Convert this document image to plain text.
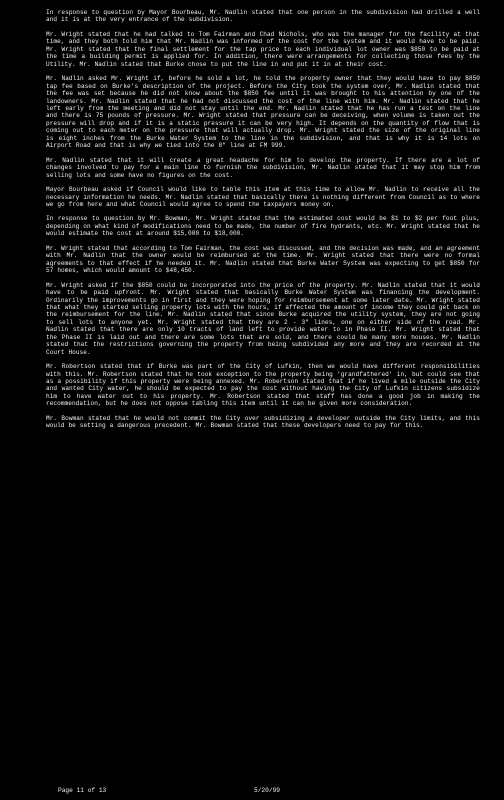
In response to question by Mayor Bourbeau, Mr. Nadlin stated that one person in the subdivision had drilled a well and it is at the very entrance of the subdivision.

Mr. Wright stated that he had talked to Tom Fairman and Chad Nichols, who was the manager for the facility at that time, and they both told him that Mr. Nadlin was informed of the cost for the system and it would have to be paid. Mr. Wright stated that the final settlement for the tap price to each individual lot owner was $850 to be paid at the time a building permit is applied for. In addition, there were arrangements for collecting those fees by the Utility. Mr. Nadlin stated that Burke chose to put the line in and put it in at their cost.

Mr. Nadlin asked Mr. Wright if, before he sold a lot, he told the property owner that they would have to pay $850 tap fee based on Burke's description of the project. Before the City took the system over, Mr. Nadlin stated that the fee was set because he did not know about the $850 fee until it was brought to his attention by one of the landowners. Mr. Nadlin stated that he had not discussed the cost of the line with him. Mr. Nadlin stated that he left early from the meeting and did not stay until the end. Mr. Nadlin stated that he has run a test on the line and there is 75 pounds of pressure. Mr. Wright stated that pressure can be deceiving, when volume is taken out the pressure will drop and if it is a static pressure it can be very high. It depends on the quantity of flow that is coming out to each meter on the pressure that will actually drop. Mr. Wright stated the size of the original line is eight inches from the Burke Water System to the line in the subdivision, and that is why it is 14 lots on Airport Road and that is why we tied into the 8" line at FM 999.

Mr. Nadlin stated that it will create a great headache for him to develop the property. If there are a lot of changes involved to pay for a main line to furnish the subdivision, Mr. Nadlin stated that it may stop him from selling lots and some have no figures on the cost.

Mayor Bourbeau asked if Council would like to table this item at this time to allow Mr. Nadlin to receive all the necessary information he needs. Mr. Nadlin stated that basically there is nothing different from Council as to where we go from here and what Council would agree to spend the taxpayers money on.

In response to question by Mr. Bowman, Mr. Wright stated that the estimated cost would be $1 to $2 per foot plus, depending on what kind of modifications need to be made, the number of fire hydrants, etc. Mr. Wright stated that he would estimate the cost at around $15,000 to $18,000.

Mr. Wright stated that according to Tom Fairman, the cost was discussed, and the decision was made, and an agreement with Mr. Nadlin that the owner would be reimbursed at the time. Mr. Wright stated that there were no formal agreements to that effect if he needed it. Mr. Nadlin stated that Burke Water System was expecting to get $850 for 57 homes, which would amount to $48,450.

Mr. Wright asked if the $850 could be incorporated into the price of the property. Mr. Nadlin stated that it would have to be paid upfront. Mr. Wright stated that basically Burke Water System was financing the development. Ordinarily the improvements go in first and they were hoping for reimbursement at some later date. Mr. Wright stated that what they started selling property lots with the hours, if affected the amount of income they could get back on the reimbursement for the line. Mr. Nadlin stated that since Burke acquired the utility system, they are not going to sell lots to anyone yet. Mr. Wright stated that they are 2 - 3" lines, one on either side of the road. Mr. Nadlin stated that there are only 10 tracts of land left to provide water to in Phase II. Mr. Wright stated that the Phase II is laid out and there are some lots that are sold, and there could be many more houses. Mr. Nadlin stated that the restrictions governing the property from being subdivided any more and they are recorded at the Court House.

Mr. Robertson stated that if Burke was part of the City of Lufkin, then we would have different responsibilities with this. Mr. Robertson stated that he took exception to the property being 'grandfathered' in, but could see that as a possibility if this property were being annexed. Mr. Robertson stated that if he lived a mile outside the City and wanted City water, he should be expected to pay the cost without having the City of Lufkin citizens subsidize him to have water out to his property. Mr. Robertson stated that staff has done a good job in making the recommendation, but he does not oppose tabling this item until it can be given more consideration.

Mr. Bowman stated that he would not commit the City over subsidizing a developer outside the City limits, and this would be setting a dangerous precedent. Mr. Bowman stated that these developers need to pay for this.

Page 11 of 13	5/20/99
